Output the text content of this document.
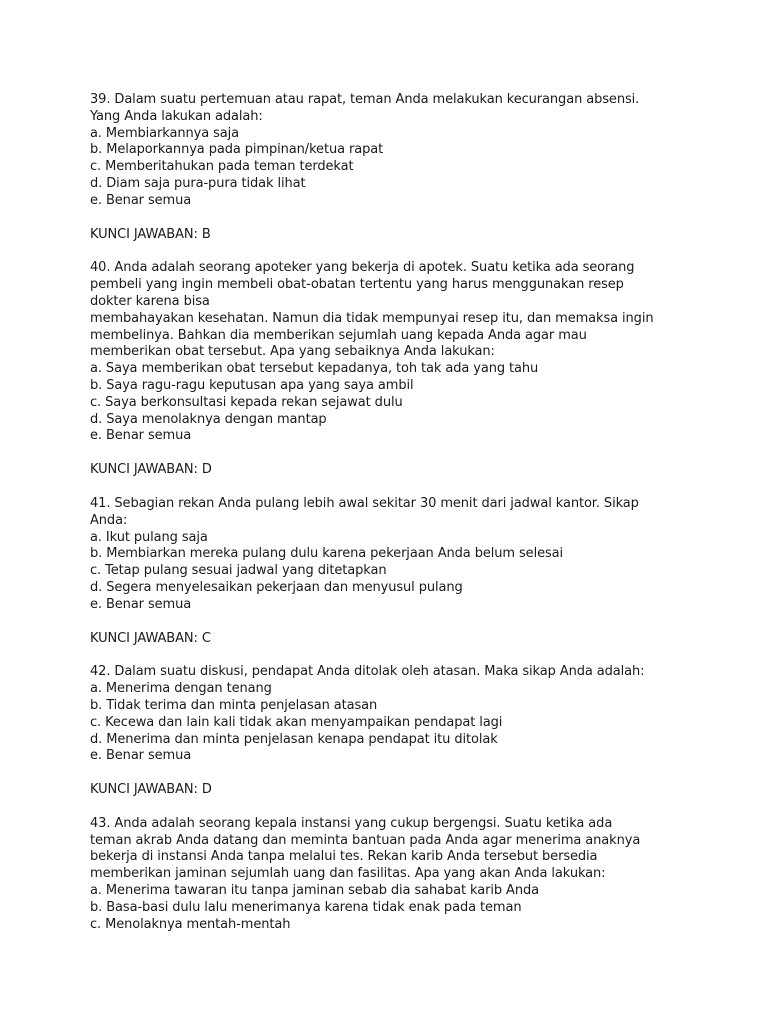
39. Dalam suatu pertemuan atau rapat, teman Anda melakukan kecurangan absensi.
Yang Anda lakukan adalah:
a. Membiarkannya saja
b. Melaporkannya pada pimpinan/ketua rapat
c. Memberitahukan pada teman terdekat
d. Diam saja pura-pura tidak lihat
e. Benar semua
KUNCI JAWABAN: B
40. Anda adalah seorang apoteker yang bekerja di apotek. Suatu ketika ada seorang
pembeli yang ingin membeli obat-obatan tertentu yang harus menggunakan resep
dokter karena bisa
membahayakan kesehatan. Namun dia tidak mempunyai resep itu, dan memaksa ingin
membelinya. Bahkan dia memberikan sejumlah uang kepada Anda agar mau
memberikan obat tersebut. Apa yang sebaiknya Anda lakukan:
a. Saya memberikan obat tersebut kepadanya, toh tak ada yang tahu
b. Saya ragu-ragu keputusan apa yang saya ambil
c. Saya berkonsultasi kepada rekan sejawat dulu
d. Saya menolaknya dengan mantap
e. Benar semua
KUNCI JAWABAN: D
41. Sebagian rekan Anda pulang lebih awal sekitar 30 menit dari jadwal kantor. Sikap
Anda:
a. Ikut pulang saja
b. Membiarkan mereka pulang dulu karena pekerjaan Anda belum selesai
c. Tetap pulang sesuai jadwal yang ditetapkan
d. Segera menyelesaikan pekerjaan dan menyusul pulang
e. Benar semua
KUNCI JAWABAN: C
42. Dalam suatu diskusi, pendapat Anda ditolak oleh atasan. Maka sikap Anda adalah:
a. Menerima dengan tenang
b. Tidak terima dan minta penjelasan atasan
c. Kecewa dan lain kali tidak akan menyampaikan pendapat lagi
d. Menerima dan minta penjelasan kenapa pendapat itu ditolak
e. Benar semua
KUNCI JAWABAN: D
43. Anda adalah seorang kepala instansi yang cukup bergengsi. Suatu ketika ada
teman akrab Anda datang dan meminta bantuan pada Anda agar menerima anaknya
bekerja di instansi Anda tanpa melalui tes. Rekan karib Anda tersebut bersedia
memberikan jaminan sejumlah uang dan fasilitas. Apa yang akan Anda lakukan:
a. Menerima tawaran itu tanpa jaminan sebab dia sahabat karib Anda
b. Basa-basi dulu lalu menerimanya karena tidak enak pada teman
c. Menolaknya mentah-mentah
